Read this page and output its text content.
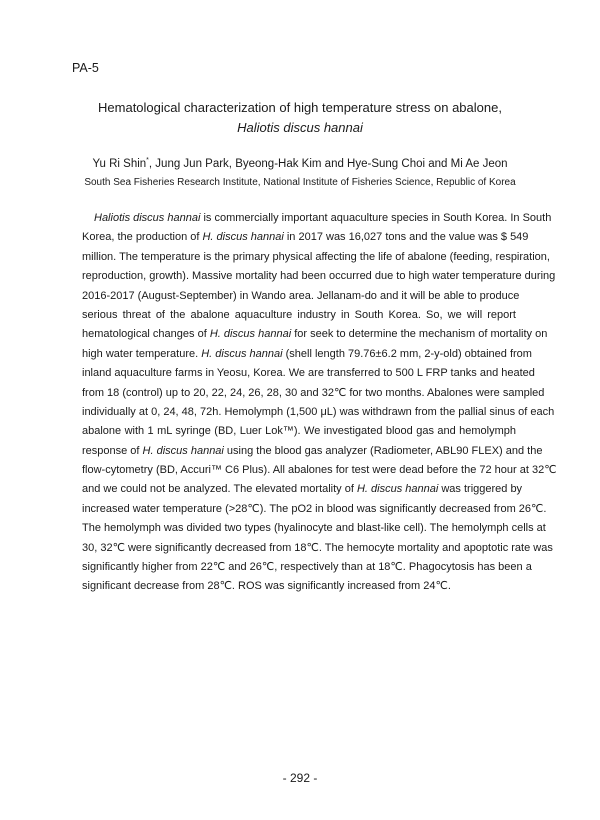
PA-5
Hematological characterization of high temperature stress on abalone,
Haliotis discus hannai
Yu Ri Shin*, Jung Jun Park, Byeong-Hak Kim and Hye-Sung Choi and Mi Ae Jeon
South Sea Fisheries Research Institute, National Institute of Fisheries Science, Republic of Korea
Haliotis discus hannai is commercially important aquaculture species in South Korea. In South
Korea, the production of H. discus hannai in 2017 was 16,027 tons and the value was $ 549
million. The temperature is the primary physical affecting the life of abalone (feeding, respiration,
reproduction, growth). Massive mortality had been occurred due to high water temperature during
2016-2017 (August-September) in Wando area. Jellanam-do and it will be able to produce
serious threat of the abalone aquaculture industry in South Korea. So, we will report
hematological changes of H. discus hannai for seek to determine the mechanism of mortality on
high water temperature. H. discus hannai (shell length 79.76±6.2 mm, 2-y-old) obtained from
inland aquaculture farms in Yeosu, Korea. We are transferred to 500 L FRP tanks and heated
from 18 (control) up to 20, 22, 24, 26, 28, 30 and 32℃ for two months. Abalones were sampled
individually at 0, 24, 48, 72h. Hemolymph (1,500 μL) was withdrawn from the pallial sinus of each
abalone with 1 mL syringe (BD, Luer Lok™). We investigated blood gas and hemolymph
response of H. discus hannai using the blood gas analyzer (Radiometer, ABL90 FLEX) and the
flow-cytometry (BD, Accuri™ C6 Plus). All abalones for test were dead before the 72 hour at 32℃
and we could not be analyzed. The elevated mortality of H. discus hannai was triggered by
increased water temperature (>28℃). The pO2 in blood was significantly decreased from 26℃.
The hemolymph was divided two types (hyalinocyte and blast-like cell). The hemolymph cells at
30, 32℃ were significantly decreased from 18℃. The hemocyte mortality and apoptotic rate was
significantly higher from 22℃ and 26℃, respectively than at 18℃. Phagocytosis has been a
significant decrease from 28℃. ROS was significantly increased from 24℃.
- 292 -
